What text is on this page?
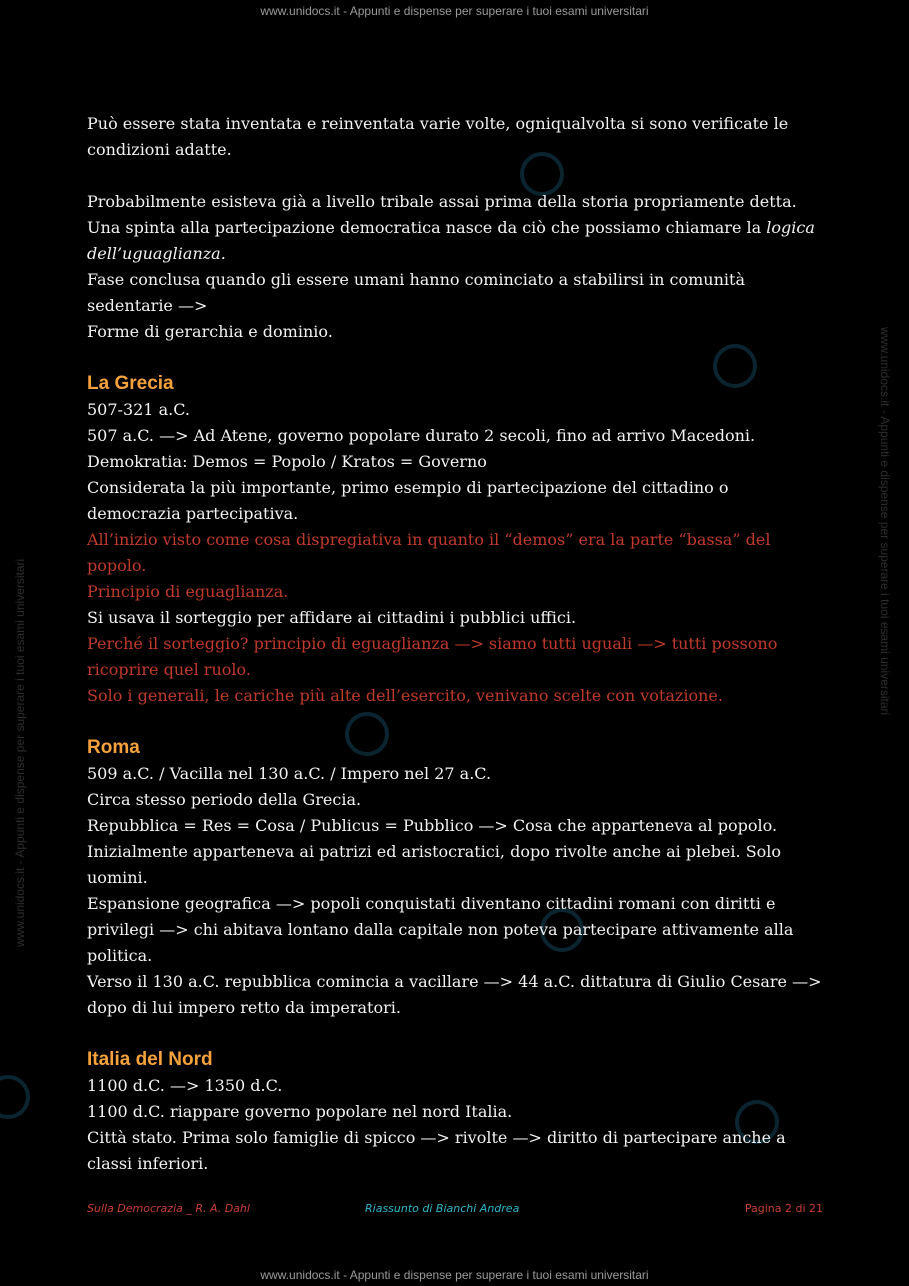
www.unidocs.it - Appunti e dispense per superare i tuoi esami universitari
www.unidocs.it - Appunti e dispense per superare i tuoi esami universitari
www.unidocs.it - Appunti e dispense per superare i tuoi esami universitari

Può essere stata inventata e reinventata varie volte, ogniqualvolta si sono verificate le condizioni adatte.

Probabilmente esisteva già a livello tribale assai prima della storia propriamente detta.

Una spinta alla partecipazione democratica nasce da ciò che possiamo chiamare la logica dell’uguaglianza.

Fase conclusa quando gli essere umani hanno cominciato a stabilirsi in comunità sedentarie —>

Forme di gerarchia e dominio.

La Grecia

507-321 a.C.

507 a.C. —> Ad Atene, governo popolare durato 2 secoli, fino ad arrivo Macedoni.

Demokratia: Demos = Popolo / Kratos = Governo

Considerata la più importante, primo esempio di partecipazione del cittadino o democrazia partecipativa.

All’inizio visto come cosa dispregiativa in quanto il “demos” era la parte “bassa” del popolo.

Principio di eguaglianza.

Si usava il sorteggio per affidare ai cittadini i pubblici uffici.

Perché il sorteggio? principio di eguaglianza —> siamo tutti uguali —> tutti possono ricoprire quel ruolo.

Solo i generali, le cariche più alte dell’esercito, venivano scelte con votazione.

Roma

509 a.C. / Vacilla nel 130 a.C. / Impero nel 27 a.C.

Circa stesso periodo della Grecia.

Repubblica = Res = Cosa / Publicus = Pubblico —> Cosa che apparteneva al popolo.

Inizialmente apparteneva ai patrizi ed aristocratici, dopo rivolte anche ai plebei. Solo uomini.

Espansione geografica —> popoli conquistati diventano cittadini romani con diritti e privilegi —> chi abitava lontano dalla capitale non poteva partecipare attivamente alla politica.

Verso il 130 a.C. repubblica comincia a vacillare —> 44 a.C. dittatura di Giulio Cesare —> dopo di lui impero retto da imperatori.

Italia del Nord

1100 d.C. —> 1350 d.C.

1100 d.C. riappare governo popolare nel nord Italia.

Città stato. Prima solo famiglie di spicco —> rivolte —> diritto di partecipare anche a classi inferiori.

Sulla Democrazia _ R. A. Dahl	Riassunto di Bianchi Andrea	Pagina 2 di 21
www.unidocs.it - Appunti e dispense per superare i tuoi esami universitari
